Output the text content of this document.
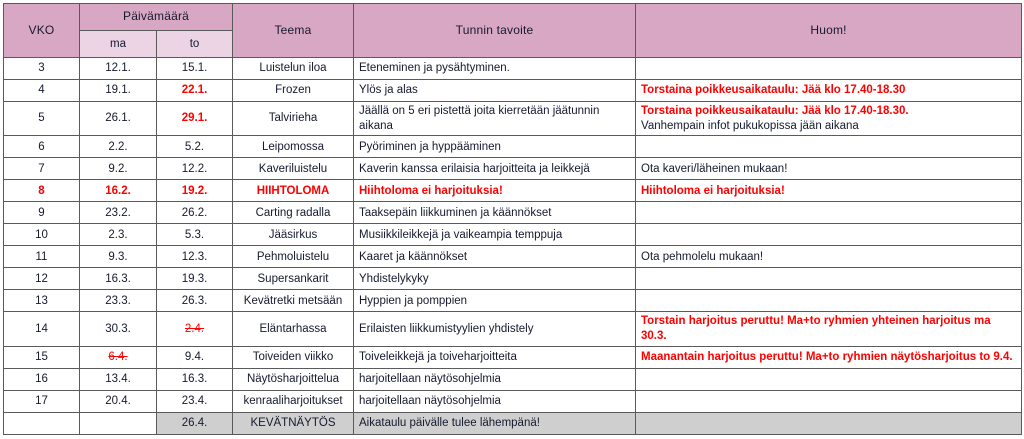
VKO	Päivämäärä		Teema	Tunnin tavoite	Huom!
	ma	to			

3	12.1.	15.1.	Luistelun iloa	Eteneminen ja pysähtyminen.	

4	19.1.	22.1.	Frozen	Ylös ja alas	Torstaina poikkeusaikataulu: Jää klo 17.40-18.30

5	26.1.	29.1.	Talvirieha	Jäällä on 5 eri pistettä joita kierretään jäätunnin
aikana	Torstaina poikkeusaikataulu: Jää klo 17.40-18.30.
Vanhempain infot pukukopissa jään aikana

6	2.2.	5.2.	Leipomossa	Pyöriminen ja hyppääminen	

7	9.2.	12.2.	Kaveriluistelu	Kaverin kanssa erilaisia harjoitteita ja leikkejä	Ota kaveri/läheinen mukaan!

8	16.2.	19.2.	HIIHTOLOMA	Hiihtoloma ei harjoituksia!	Hiihtoloma ei harjoituksia!

9	23.2.	26.2.	Carting radalla	Taaksepäin liikkuminen ja käännökset	

10	2.3.	5.3.	Jääsirkus	Musiikkileikkejä ja vaikeampia temppuja	

11	9.3.	12.3.	Pehmoluistelu	Kaaret ja käännökset	Ota pehmolelu mukaan!

12	16.3.	19.3.	Supersankarit	Yhdistelykyky	

13	23.3.	26.3.	Kevätretki metsään	Hyppien ja pomppien	

14	30.3.	2.4.	Eläntarhassa	Erilaisten liikkumistyylien yhdistely	Torstain harjoitus peruttu! Ma+to ryhmien yhteinen harjoitus ma 30.3.

15	6.4.	9.4.	Toiveiden viikko	Toiveleikkejä ja toiveharjoitteita	Maanantain harjoitus peruttu! Ma+to ryhmien näytösharjoitus to 9.4.

16	13.4.	16.3.	Näytösharjoittelua	harjoitellaan näytösohjelmia	

17	20.4.	23.4.	kenraaliharjoitukset	harjoitellaan näytösohjelmia	

		26.4.	KEVÄTNÄYTÖS	Aikataulu päivälle tulee lähempänä!	
